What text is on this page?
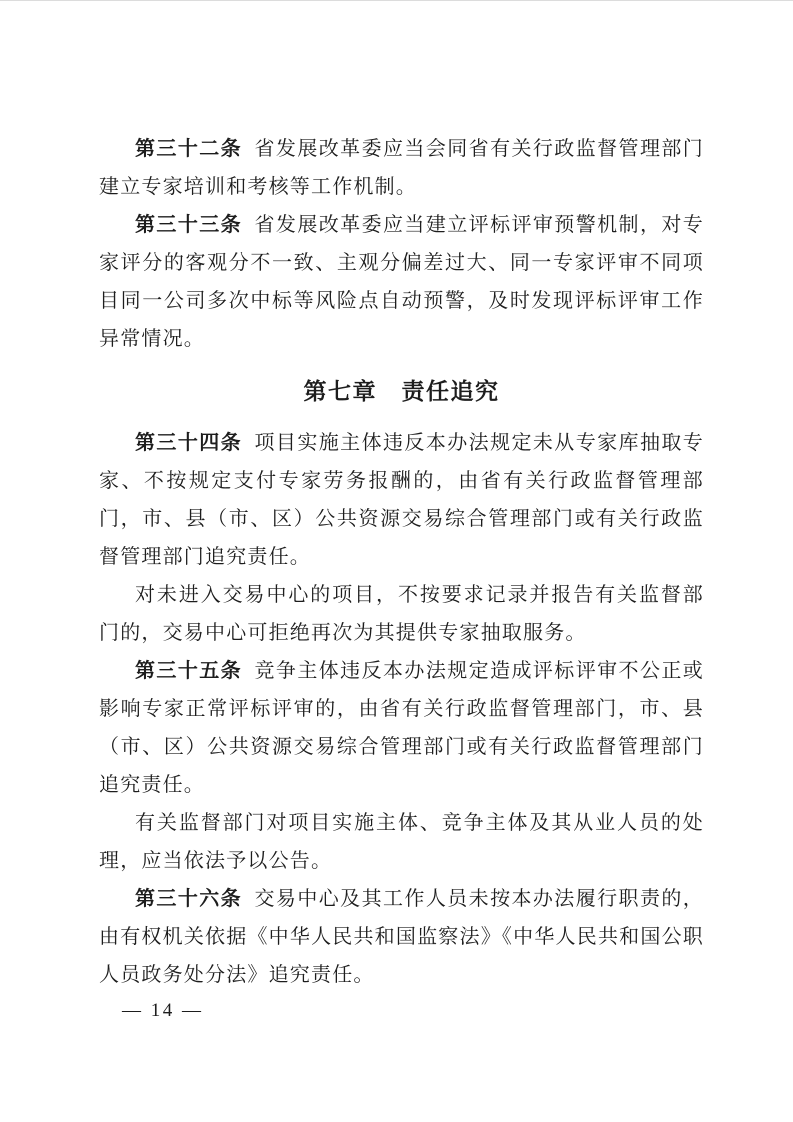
第三十二条 省发展改革委应当会同省有关行政监督管理部门建立专家培训和考核等工作机制。

第三十三条 省发展改革委应当建立评标评审预警机制，对专家评分的客观分不一致、主观分偏差过大、同一专家评审不同项目同一公司多次中标等风险点自动预警，及时发现评标评审工作异常情况。

第七章　责任追究

第三十四条 项目实施主体违反本办法规定未从专家库抽取专家、不按规定支付专家劳务报酬的，由省有关行政监督管理部门，市、县（市、区）公共资源交易综合管理部门或有关行政监督管理部门追究责任。

对未进入交易中心的项目，不按要求记录并报告有关监督部门的，交易中心可拒绝再次为其提供专家抽取服务。

第三十五条 竞争主体违反本办法规定造成评标评审不公正或影响专家正常评标评审的，由省有关行政监督管理部门，市、县（市、区）公共资源交易综合管理部门或有关行政监督管理部门追究责任。

有关监督部门对项目实施主体、竞争主体及其从业人员的处理，应当依法予以公告。

第三十六条 交易中心及其工作人员未按本办法履行职责的，由有权机关依据《中华人民共和国监察法》《中华人民共和国公职人员政务处分法》追究责任。

— 14 —
